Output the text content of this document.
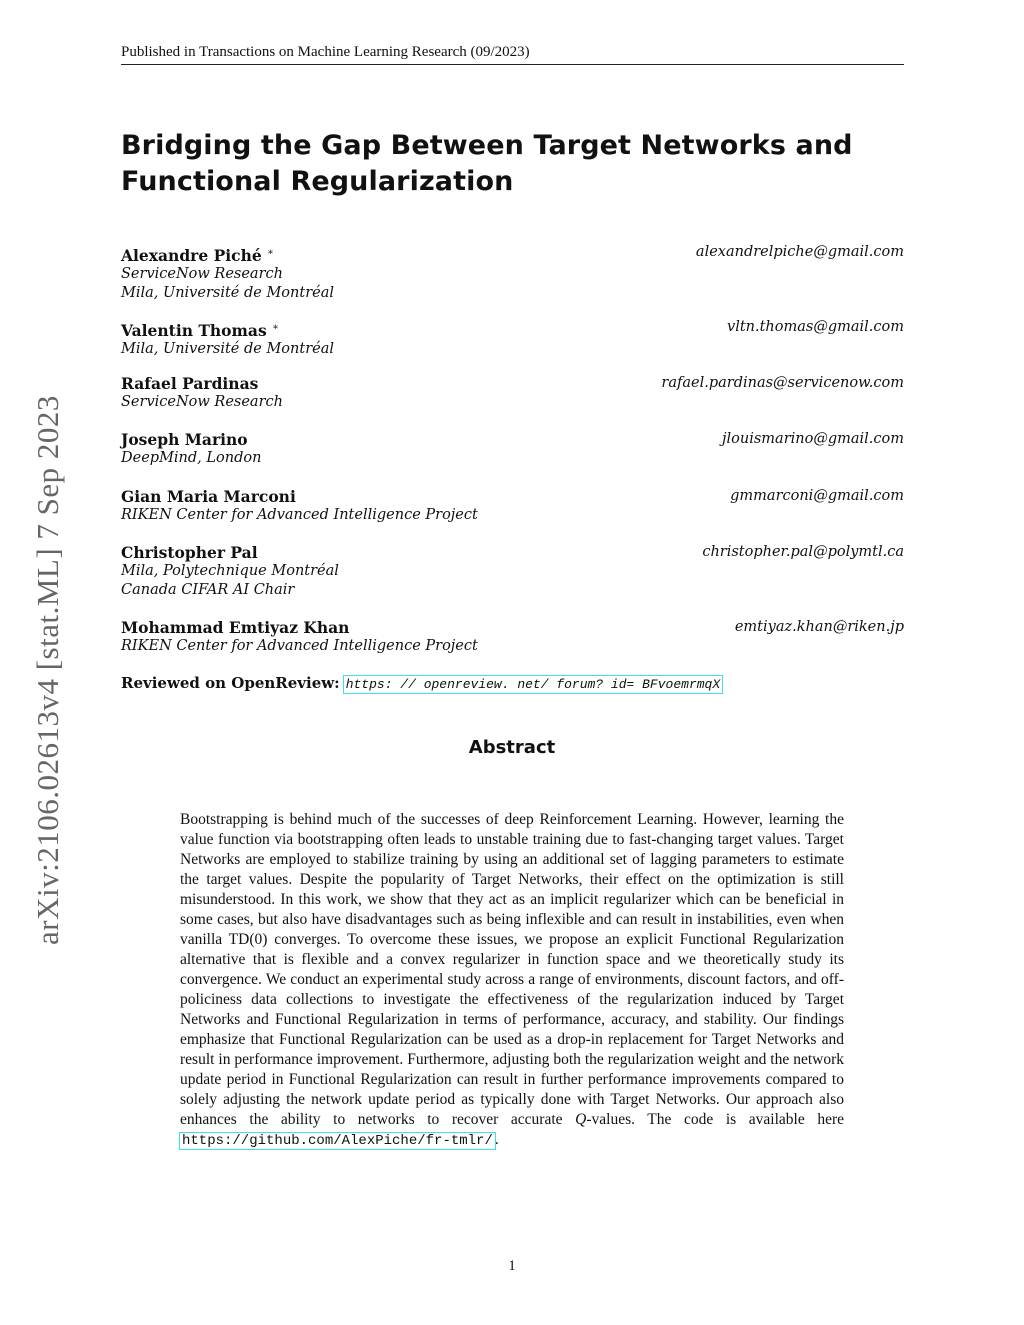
Published in Transactions on Machine Learning Research (09/2023)
Bridging the Gap Between Target Networks and Functional Regularization
Alexandre Piché ∗	alexandrelpiche@gmail.com
ServiceNow Research
Mila, Université de Montréal
Valentin Thomas ∗	vltn.thomas@gmail.com
Mila, Université de Montréal
Rafael Pardinas	rafael.pardinas@servicenow.com
ServiceNow Research
Joseph Marino	jlouismarino@gmail.com
DeepMind, London
Gian Maria Marconi	gmmarconi@gmail.com
RIKEN Center for Advanced Intelligence Project
Christopher Pal	christopher.pal@polymtl.ca
Mila, Polytechnique Montréal
Canada CIFAR AI Chair
Mohammad Emtiyaz Khan	emtiyaz.khan@riken.jp
RIKEN Center for Advanced Intelligence Project
Reviewed on OpenReview: https: // openreview. net/ forum? id= BFvoemrmqX
Abstract
Bootstrapping is behind much of the successes of deep Reinforcement Learning. However, learning the value function via bootstrapping often leads to unstable training due to fast-changing target values. Target Networks are employed to stabilize training by using an additional set of lagging parameters to estimate the target values. Despite the popularity of Target Networks, their effect on the optimization is still misunderstood. In this work, we show that they act as an implicit regularizer which can be beneficial in some cases, but also have disadvantages such as being inflexible and can result in instabilities, even when vanilla TD(0) converges. To overcome these issues, we propose an explicit Functional Regularization alternative that is flexible and a convex regularizer in function space and we theoretically study its convergence. We conduct an experimental study across a range of environments, discount factors, and off-policiness data collections to investigate the effectiveness of the regularization induced by Target Networks and Functional Regularization in terms of performance, accuracy, and stability. Our findings emphasize that Functional Regularization can be used as a drop-in replacement for Target Networks and result in performance improvement. Furthermore, adjusting both the regularization weight and the network update period in Functional Regularization can result in further performance improvements compared to solely adjusting the network update period as typically done with Target Networks. Our approach also enhances the ability to networks to recover accurate Q-values. The code is available here https://github.com/AlexPiche/fr-tmlr/ .
arXiv:2106.02613v4 [stat.ML] 7 Sep 2023
1
